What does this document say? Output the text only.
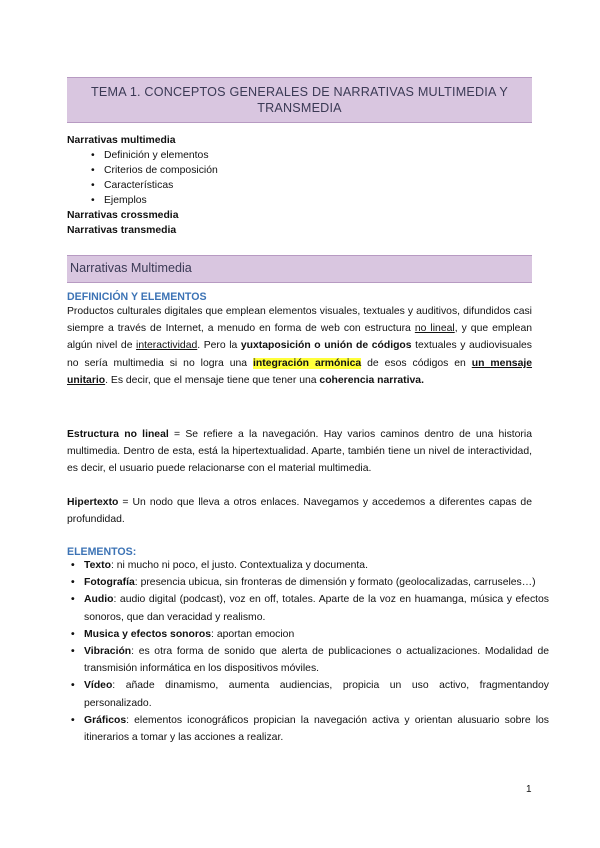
TEMA 1. CONCEPTOS GENERALES DE NARRATIVAS MULTIMEDIA Y
TRANSMEDIA
Narrativas multimedia
• Definición y elementos
• Criterios de composición
• Características
• Ejemplos
Narrativas crossmedia
Narrativas transmedia
Narrativas Multimedia
DEFINICIÓN Y ELEMENTOS
Productos culturales digitales que emplean elementos visuales, textuales y auditivos, difundidos casi siempre a través de Internet, a menudo en forma de web con estructura no lineal, y que emplean algún nivel de interactividad. Pero la yuxtaposición o unión de códigos textuales y audiovisuales no sería multimedia si no logra una integración armónica de esos códigos en un mensaje unitario. Es decir, que el mensaje tiene que tener una coherencia narrativa.
Estructura no lineal = Se refiere a la navegación. Hay varios caminos dentro de una historia multimedia. Dentro de esta, está la hipertextualidad. Aparte, también tiene un nivel de interactividad, es decir, el usuario puede relacionarse con el material multimedia.
Hipertexto = Un nodo que lleva a otros enlaces. Navegamos y accedemos a diferentes capas de profundidad.
ELEMENTOS:
• Texto: ni mucho ni poco, el justo. Contextualiza y documenta.
• Fotografía: presencia ubicua, sin fronteras de dimensión y formato (geolocalizadas, carruseles…)
• Audio: audio digital (podcast), voz en off, totales. Aparte de la voz en huamanga, música y efectos sonoros, que dan veracidad y realismo.
• Musica y efectos sonoros: aportan emocion
• Vibración: es otra forma de sonido que alerta de publicaciones o actualizaciones. Modalidad de transmisión informática en los dispositivos móviles.
• Vídeo: añade dinamismo, aumenta audiencias, propicia un uso activo, fragmentandoy personalizado.
• Gráficos: elementos iconográficos propician la navegación activa y orientan alusuario sobre los itinerarios a tomar y las acciones a realizar.
1
